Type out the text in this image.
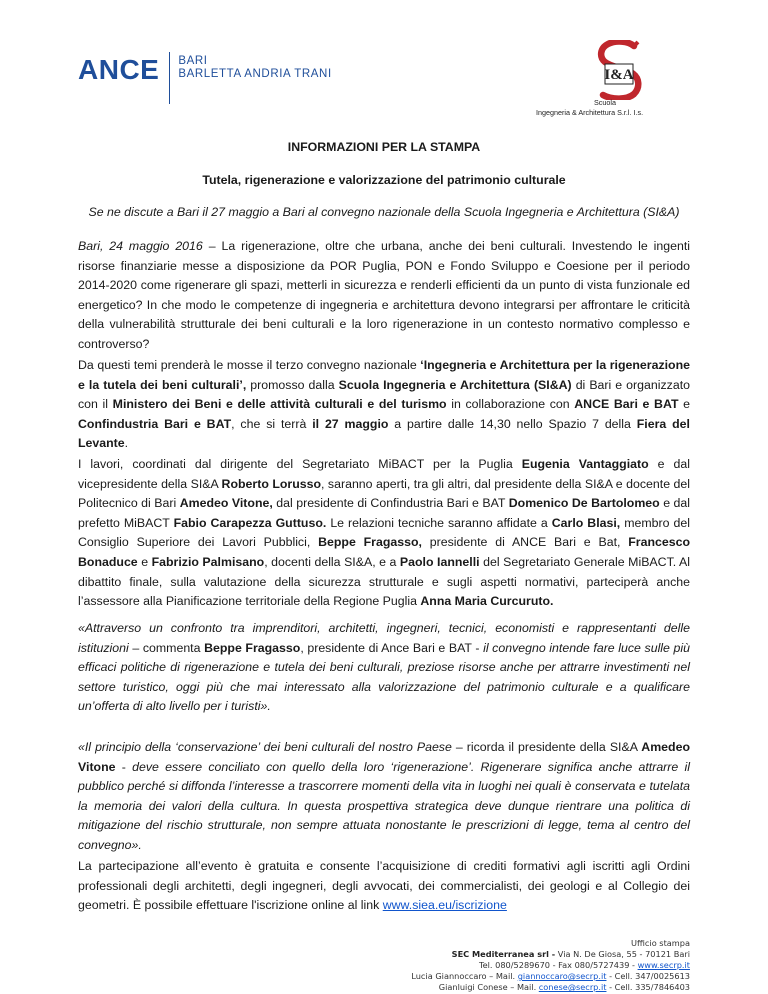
ANCE BARI
BARLETTA ANDRIA TRANI	I&A
Scuola
Ingegneria & Architettura S.r.l. I.s.
INFORMAZIONI PER LA STAMPA
Tutela, rigenerazione e valorizzazione del patrimonio culturale
Se ne discute a Bari il 27 maggio a Bari al convegno nazionale della Scuola Ingegneria e Architettura (SI&A)

Bari, 24 maggio 2016 – La rigenerazione, oltre che urbana, anche dei beni culturali. Investendo le ingenti risorse finanziarie messe a disposizione da POR Puglia, PON e Fondo Sviluppo e Coesione per il periodo 2014-2020 come rigenerare gli spazi, metterli in sicurezza e renderli efficienti da un punto di vista funzionale ed energetico? In che modo le competenze di ingegneria e architettura devono integrarsi per affrontare le criticità della vulnerabilità strutturale dei beni culturali e la loro rigenerazione in un contesto normativo complesso e controverso?

Da questi temi prenderà le mosse il terzo convegno nazionale ‘Ingegneria e Architettura per la rigenerazione e la tutela dei beni culturali’, promosso dalla Scuola Ingegneria e Architettura (SI&A) di Bari e organizzato con il Ministero dei Beni e delle attività culturali e del turismo in collaborazione con ANCE Bari e BAT e Confindustria Bari e BAT, che si terrà il 27 maggio a partire dalle 14,30 nello Spazio 7 della Fiera del Levante.

I lavori, coordinati dal dirigente del Segretariato MiBACT per la Puglia Eugenia Vantaggiato e dal vicepresidente della SI&A Roberto Lorusso, saranno aperti, tra gli altri, dal presidente della SI&A e docente del Politecnico di Bari Amedeo Vitone, dal presidente di Confindustria Bari e BAT Domenico De Bartolomeo e dal prefetto MiBACT Fabio Carapezza Guttuso. Le relazioni tecniche saranno affidate a Carlo Blasi, membro del Consiglio Superiore dei Lavori Pubblici, Beppe Fragasso, presidente di ANCE Bari e Bat, Francesco Bonaduce e Fabrizio Palmisano, docenti della SI&A, e a Paolo Iannelli del Segretariato Generale MiBACT. Al dibattito finale, sulla valutazione della sicurezza strutturale e sugli aspetti normativi, parteciperà anche l’assessore alla Pianificazione territoriale della Regione Puglia Anna Maria Curcuruto.

«Attraverso un confronto tra imprenditori, architetti, ingegneri, tecnici, economisti e rappresentanti delle istituzioni – commenta Beppe Fragasso, presidente di Ance Bari e BAT - il convegno intende fare luce sulle più efficaci politiche di rigenerazione e tutela dei beni culturali, preziose risorse anche per attrarre investimenti nel settore turistico, oggi più che mai interessato alla valorizzazione del patrimonio culturale e a qualificare un’offerta di alto livello per i turisti».

«Il principio della ‘conservazione’ dei beni culturali del nostro Paese – ricorda il presidente della SI&A Amedeo Vitone - deve essere conciliato con quello della loro ‘rigenerazione’. Rigenerare significa anche attrarre il pubblico perché si diffonda l’interesse a trascorrere momenti della vita in luoghi nei quali è conservata e tutelata la memoria dei valori della cultura. In questa prospettiva strategica deve dunque rientrare una politica di mitigazione del rischio strutturale, non sempre attuata nonostante le prescrizioni di legge, tema al centro del convegno».

La partecipazione all’evento è gratuita e consente l’acquisizione di crediti formativi agli iscritti agli Ordini professionali degli architetti, degli ingegneri, degli avvocati, dei commercialisti, dei geologi e al Collegio dei geometri. È possibile effettuare l'iscrizione online al link www.siea.eu/iscrizione

Ufficio stampa
SEC Mediterranea srl - Via N. De Giosa, 55 - 70121 Bari
Tel. 080/5289670 - Fax 080/5727439 - www.secrp.it
Lucia Giannoccaro – Mail. giannoccaro@secrp.it - Cell. 347/0025613
Gianluigi Conese – Mail. conese@secrp.it - Cell. 335/7846403
